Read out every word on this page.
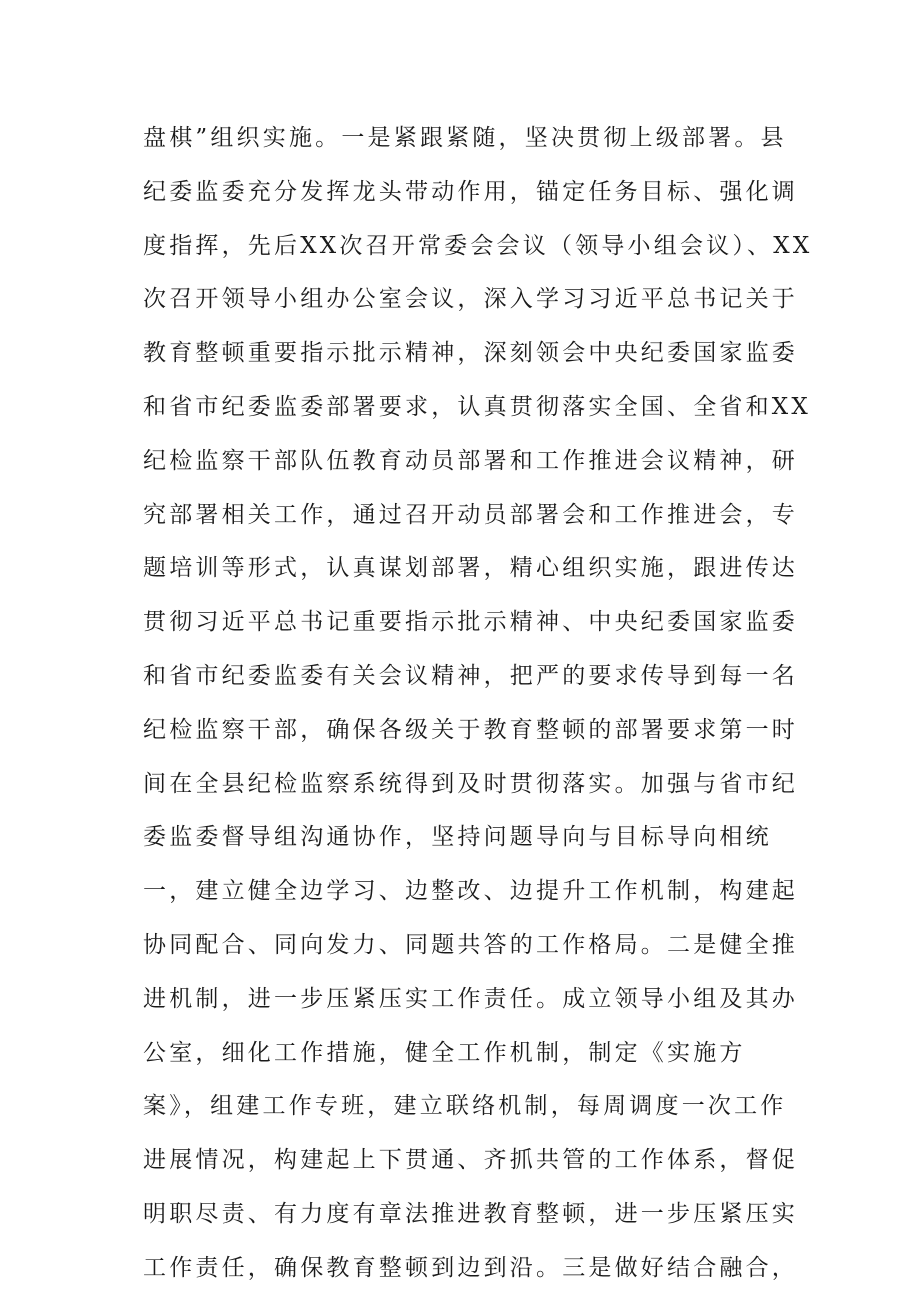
盘棋”组织实施。一是紧跟紧随，坚决贯彻上级部署。县
纪委监委充分发挥龙头带动作用，锚定任务目标、强化调
度指挥，先后XX次召开常委会会议（领导小组会议）、XX
次召开领导小组办公室会议，深入学习习近平总书记关于
教育整顿重要指示批示精神，深刻领会中央纪委国家监委
和省市纪委监委部署要求，认真贯彻落实全国、全省和XX
纪检监察干部队伍教育动员部署和工作推进会议精神，研
究部署相关工作，通过召开动员部署会和工作推进会，专
题培训等形式，认真谋划部署，精心组织实施，跟进传达
贯彻习近平总书记重要指示批示精神、中央纪委国家监委
和省市纪委监委有关会议精神，把严的要求传导到每一名
纪检监察干部，确保各级关于教育整顿的部署要求第一时
间在全县纪检监察系统得到及时贯彻落实。加强与省市纪
委监委督导组沟通协作，坚持问题导向与目标导向相统
一，建立健全边学习、边整改、边提升工作机制，构建起
协同配合、同向发力、同题共答的工作格局。二是健全推
进机制，进一步压紧压实工作责任。成立领导小组及其办
公室，细化工作措施，健全工作机制，制定《实施方
案》，组建工作专班，建立联络机制，每周调度一次工作
进展情况，构建起上下贯通、齐抓共管的工作体系，督促
明职尽责、有力度有章法推进教育整顿，进一步压紧压实
工作责任，确保教育整顿到边到沿。三是做好结合融合，
